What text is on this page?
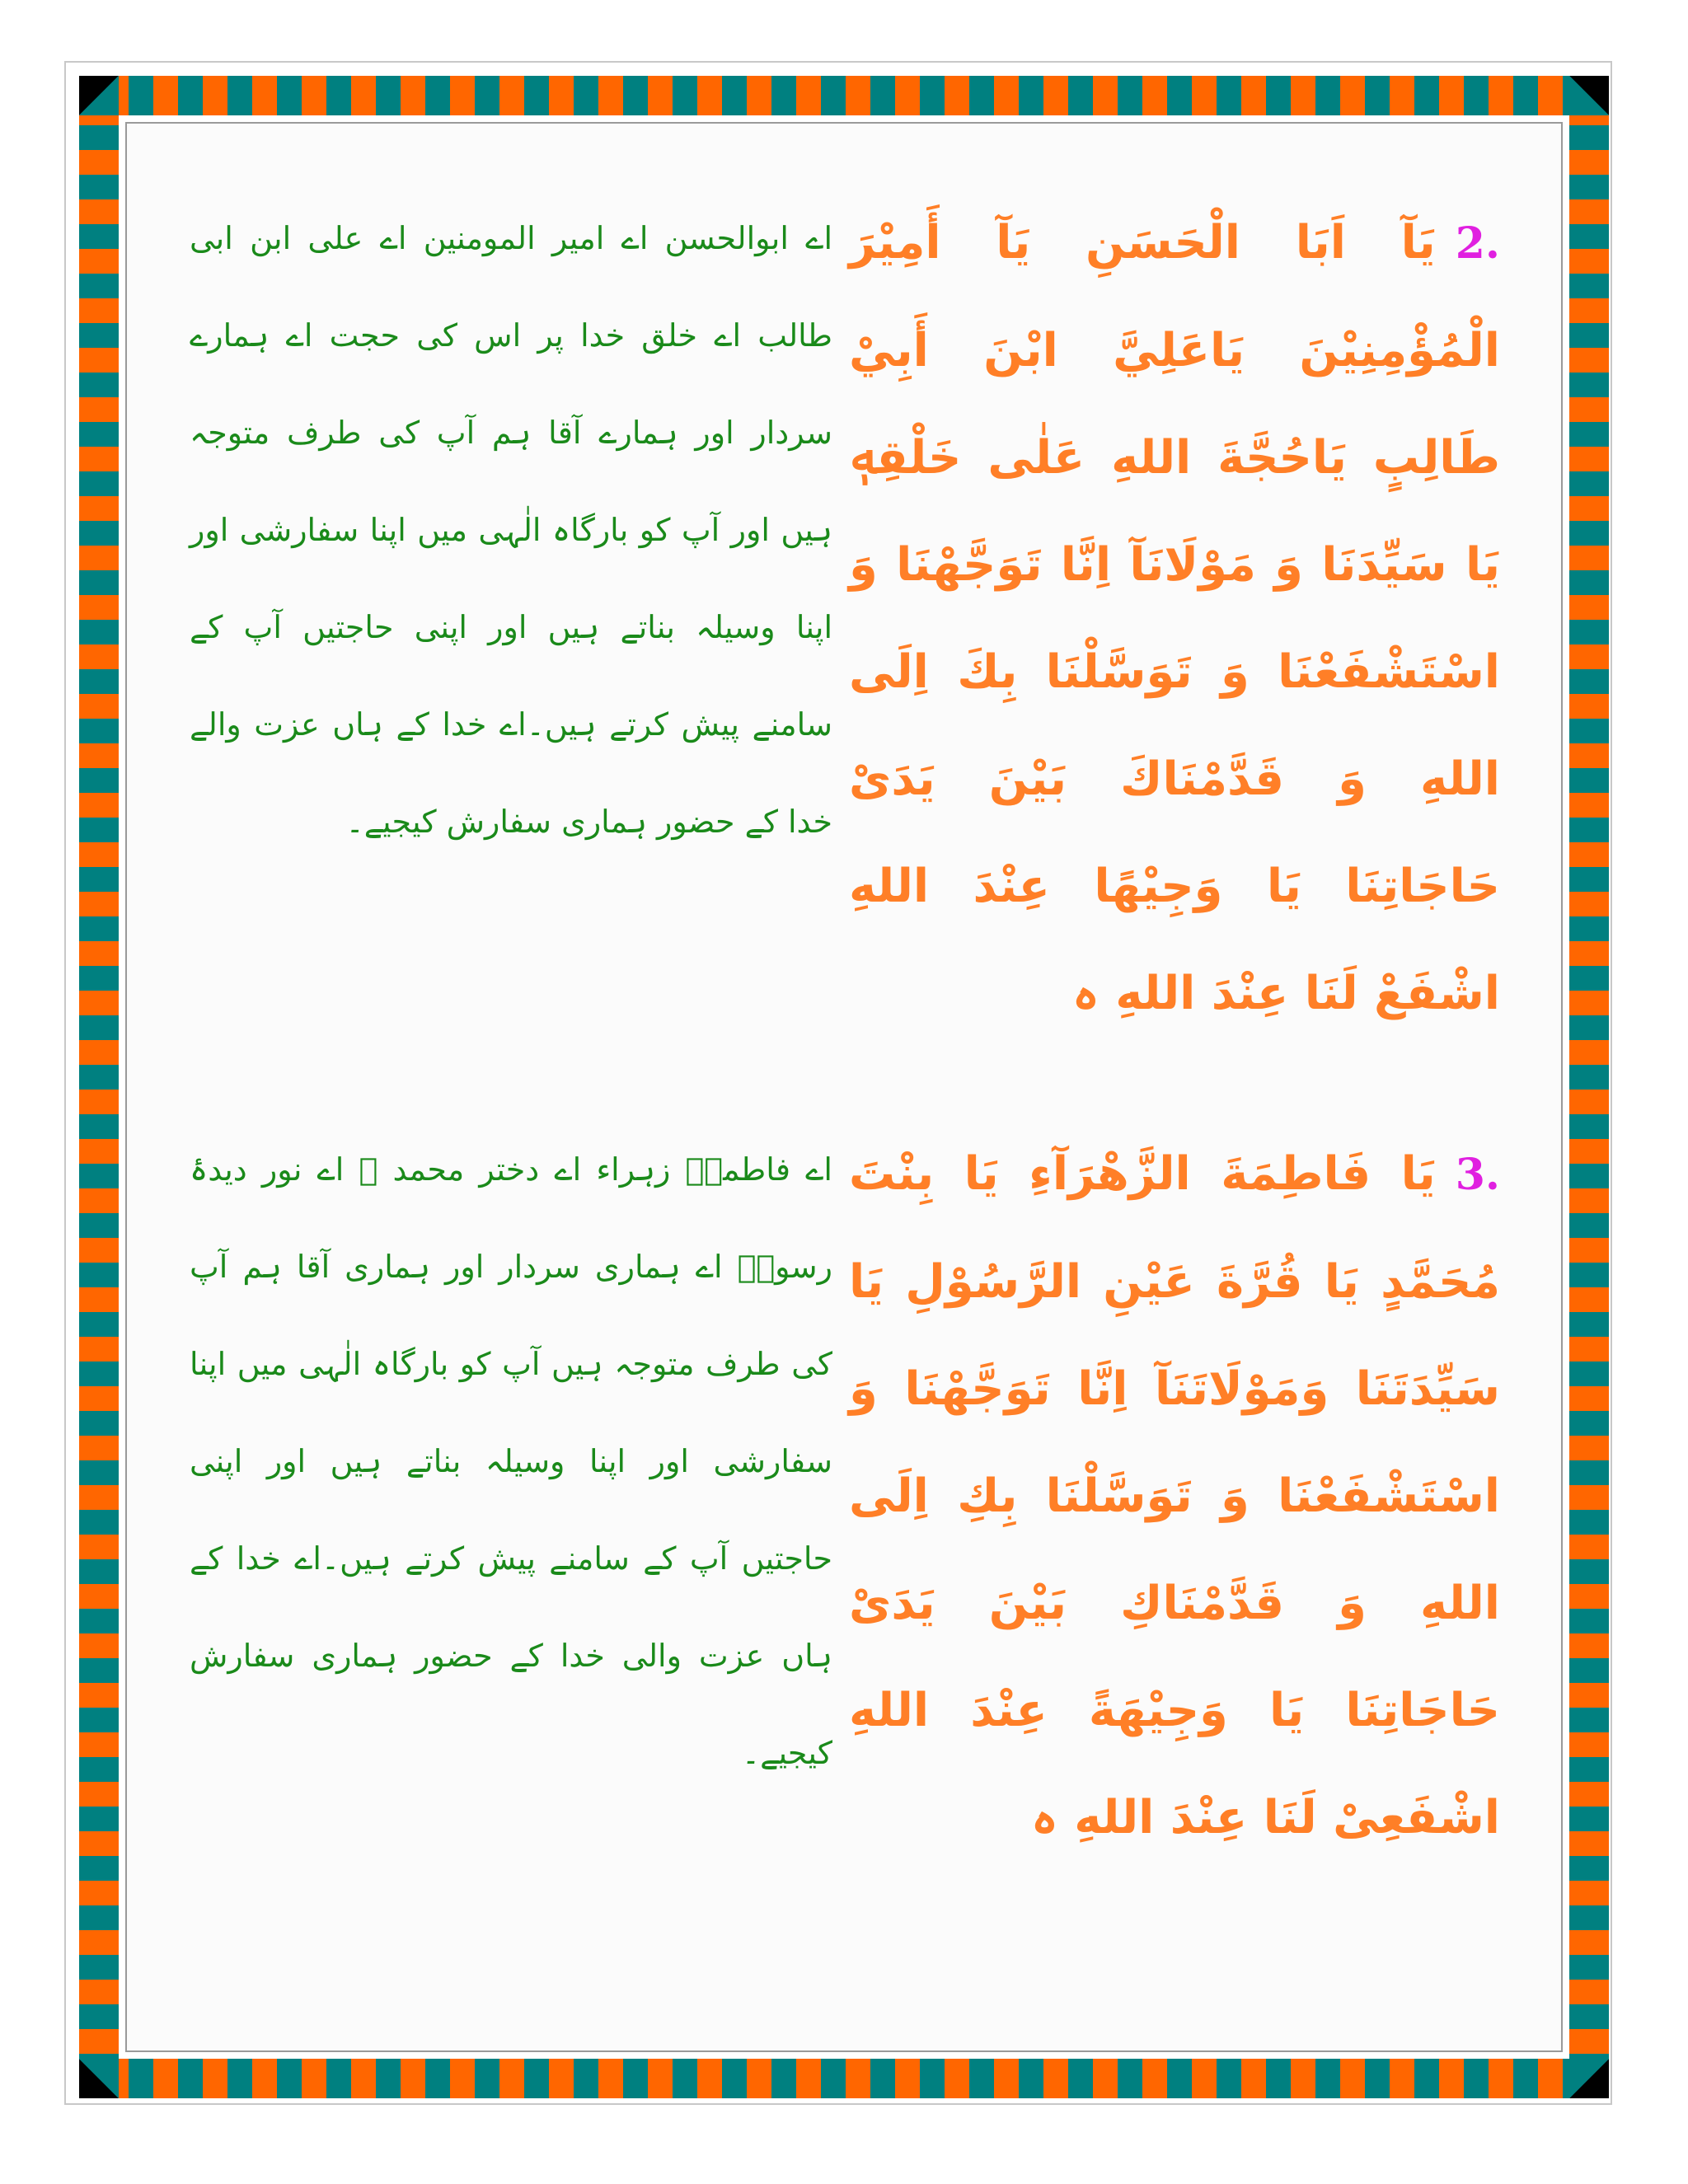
اے ابوالحسن اے امیر المومنین اے علی ابن ابی طالب اے خلق خدا پر اس کی حجت اے ہمارے سردار اور ہمارے آقا ہم آپ کی طرف متوجہ ہیں اور آپ کو بارگاہ الٰہی میں اپنا سفارشی اور اپنا وسیلہ بناتے ہیں اور اپنی حاجتیں آپ کے سامنے پیش کرتے ہیں۔اے خدا کے ہاں عزت والے خدا کے حضور ہماری سفارش کیجیے۔
2.يَآ اَبَا الْحَسَنِ يَآ أَمِيْرَ الْمُؤْمِنِيْنَ يَاعَلِيَّ ابْنَ أَبِيْ طَالِبٍ يَاحُجَّةَ اللهِ عَلٰى خَلْقِهٖ يَا سَيِّدَنَا وَ مَوْلَانَآ اِنَّا تَوَجَّهْنَا وَ اسْتَشْفَعْنَا وَ تَوَسَّلْنَا بِكَ اِلَى اللهِ وَ قَدَّمْنَاكَ بَيْنَ يَدَیْ حَاجَاتِنَا يَا وَجِيْهًا عِنْدَ اللهِ اشْفَعْ لَنَا عِنْدَ اللهِ ہ
اے فاطمہؑ زہراء اے دختر محمد ﷺ اے نور دیدۂ رسولؐ اے ہماری سردار اور ہماری آقا ہم آپ کی طرف متوجہ ہیں آپ کو بارگاہ الٰہی میں اپنا سفارشی اور اپنا وسیلہ بناتے ہیں اور اپنی حاجتیں آپ کے سامنے پیش کرتے ہیں۔اے خدا کے ہاں عزت والی خدا کے حضور ہماری سفارش کیجیے۔
3.يَا فَاطِمَةَ الزَّهْرَآءِ يَا بِنْتَ مُحَمَّدٍ يَا قُرَّةَ عَيْنِ الرَّسُوْلِ يَا سَيِّدَتَنَا وَمَوْلَاتَنَآ اِنَّا تَوَجَّهْنَا وَ اسْتَشْفَعْنَا وَ تَوَسَّلْنَا بِكِ اِلَى اللهِ وَ قَدَّمْنَاكِ بَيْنَ يَدَیْ حَاجَاتِنَا يَا وَجِيْهَةً عِنْدَ اللهِ اشْفَعِیْ لَنَا عِنْدَ اللهِ ہ
